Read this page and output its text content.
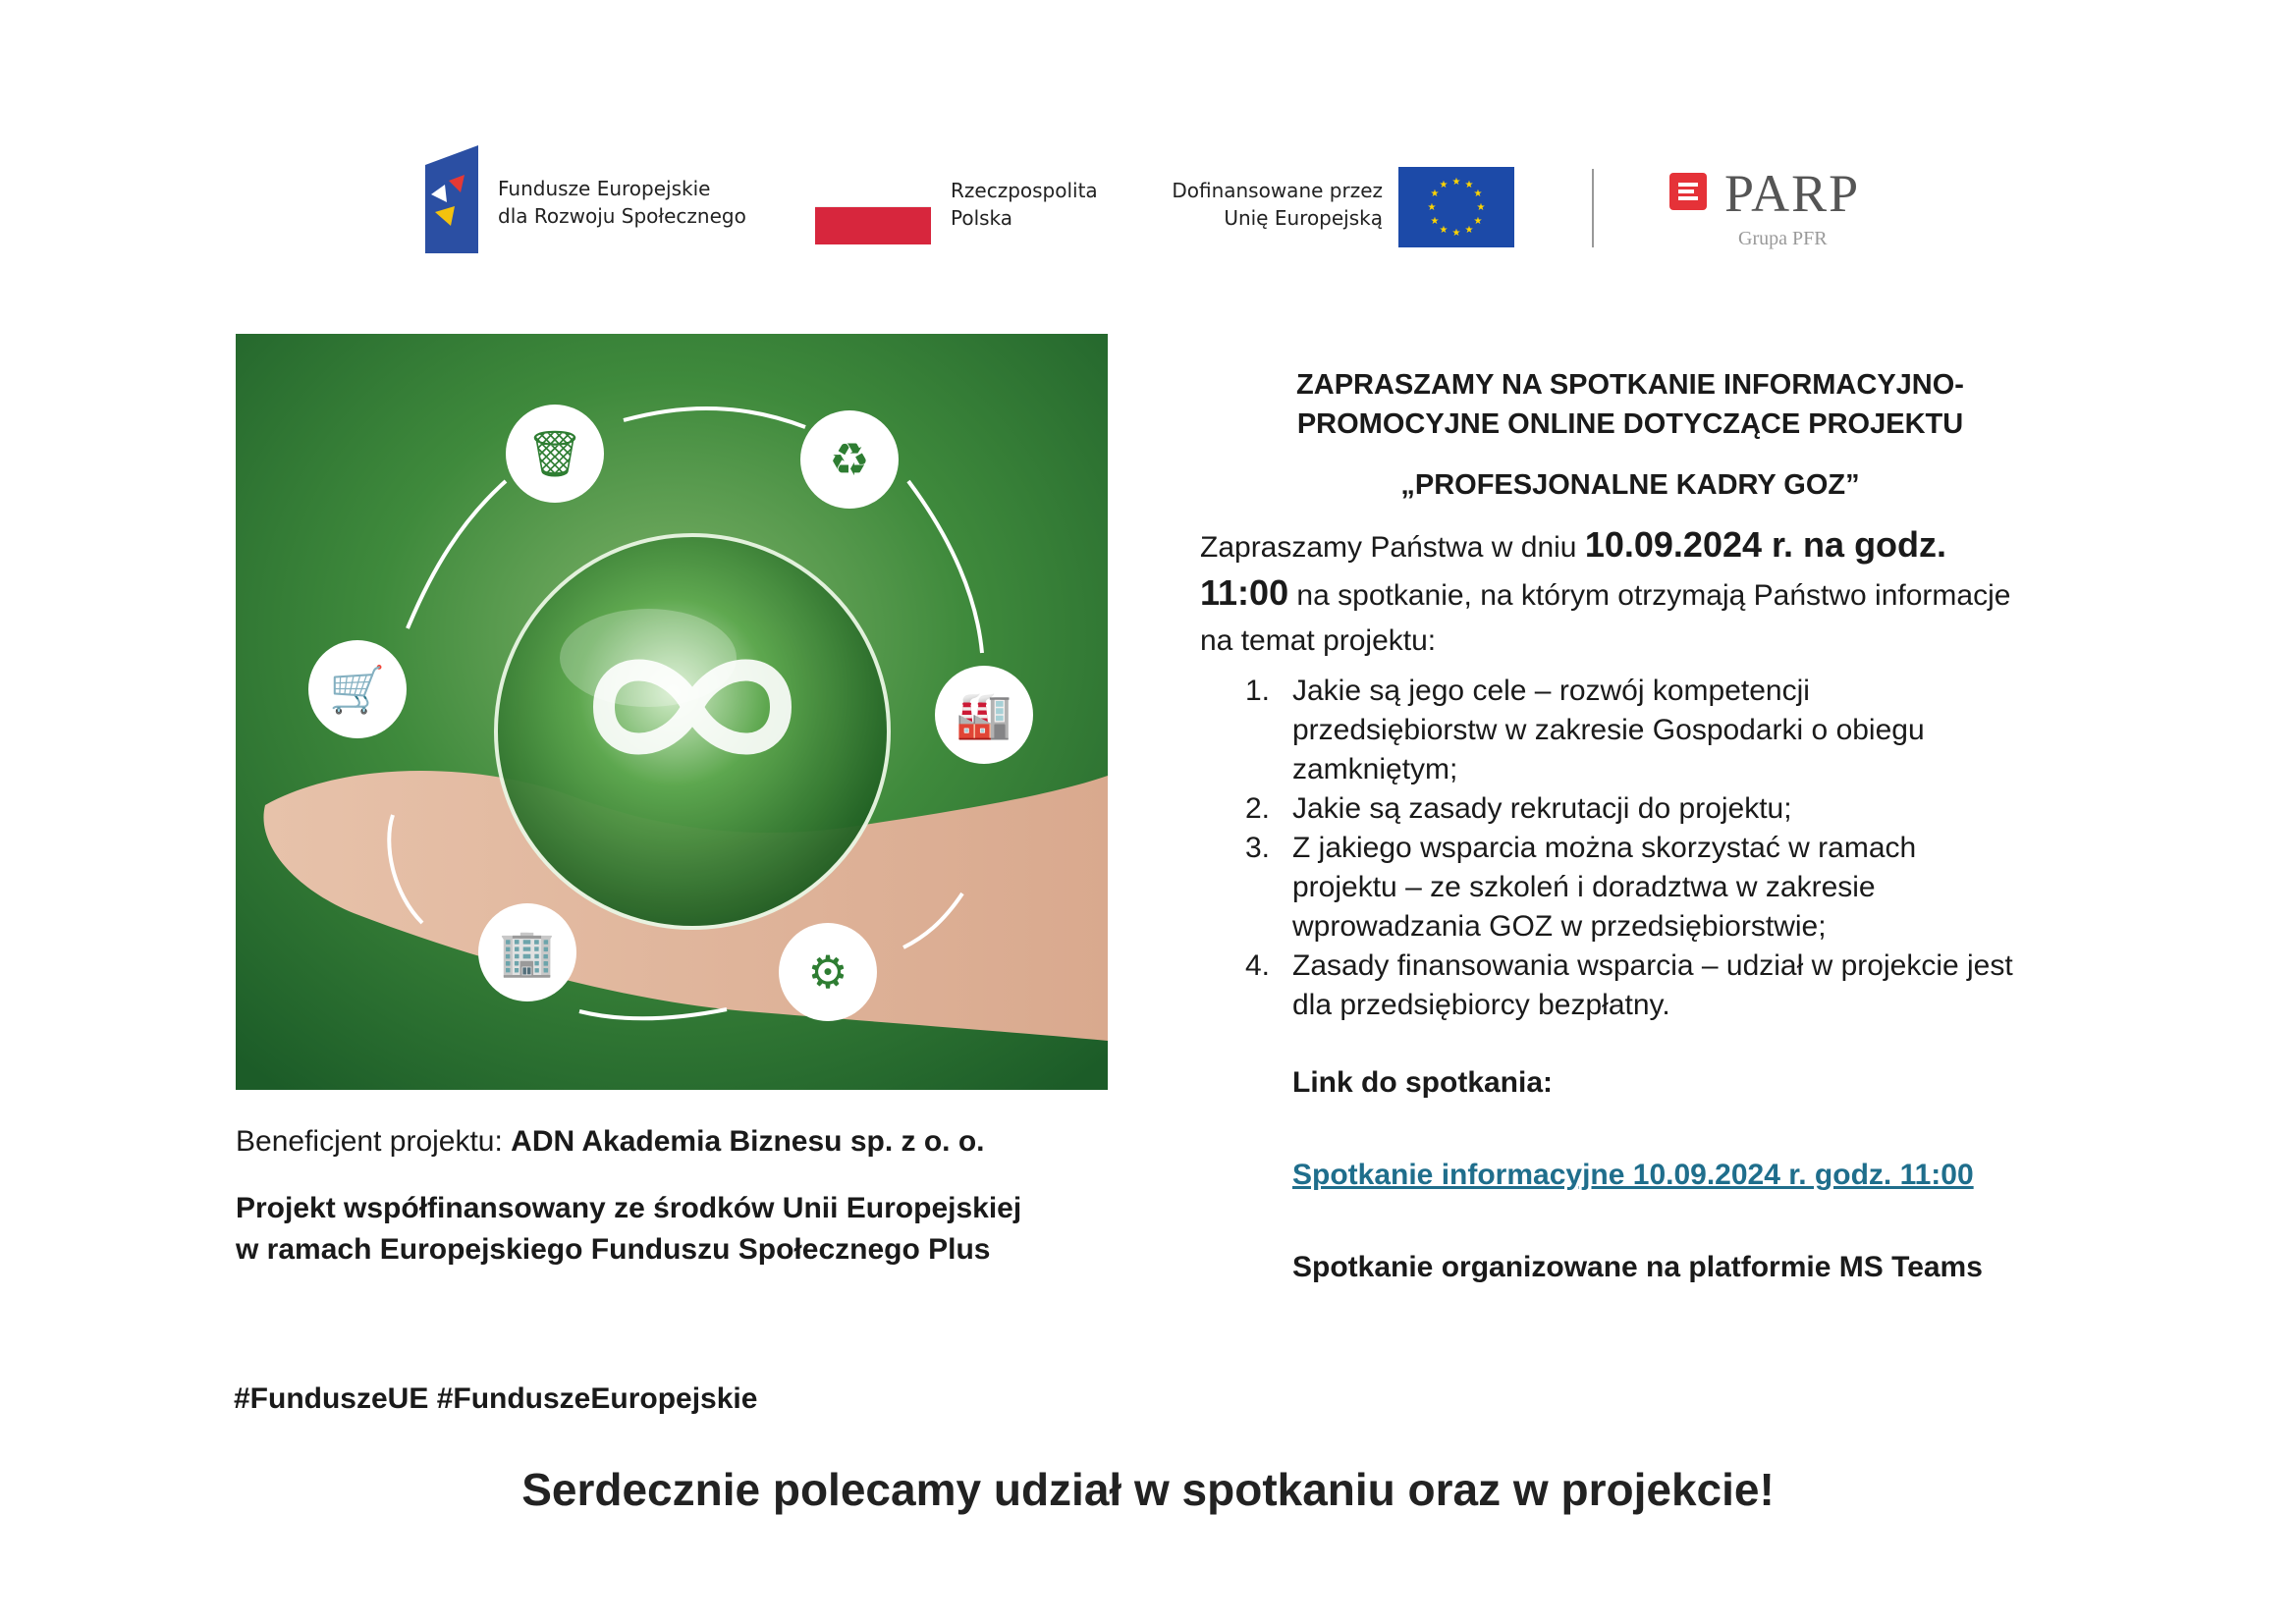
Fundusze Europejskie
dla Rozwoju Społecznego
Rzeczpospolita
Polska
Dofinansowane przez
Unię Europejską
★ ★
★
★
★
★
★
★
★
★
★
★	PARP
Grupa PFR
🗑	♻
🏭
⚙
🏢
🛒
ZAPRASZAMY NA SPOTKANIE INFORMACYJNO-
PROMOCYJNE ONLINE DOTYCZĄCE PROJEKTU
„PROFESJONALNE KADRY GOZ”
Zapraszamy Państwa w dniu 10.09.2024 r. na godz.
11:00 na spotkanie, na którym otrzymają Państwo informacje
na temat projektu:
1. Jakie są jego cele – rozwój kompetencji
przedsiębiorstw w zakresie Gospodarki o obiegu
zamkniętym;
2. Jakie są zasady rekrutacji do projektu;
3. Z jakiego wsparcia można skorzystać w ramach
projektu – ze szkoleń i doradztwa w zakresie
wprowadzania GOZ w przedsiębiorstwie;
4. Zasady finansowania wsparcia – udział w projekcie jest
dla przedsiębiorcy bezpłatny.
Link do spotkania:
Spotkanie informacyjne 10.09.2024 r. godz. 11:00
Spotkanie organizowane na platformie MS Teams
Beneficjent projektu: ADN Akademia Biznesu sp. z o. o.
Projekt współfinansowany ze środków Unii Europejskiej
w ramach Europejskiego Funduszu Społecznego Plus
#FunduszeUE #FunduszeEuropejskie
Serdecznie polecamy udział w spotkaniu oraz w projekcie!
